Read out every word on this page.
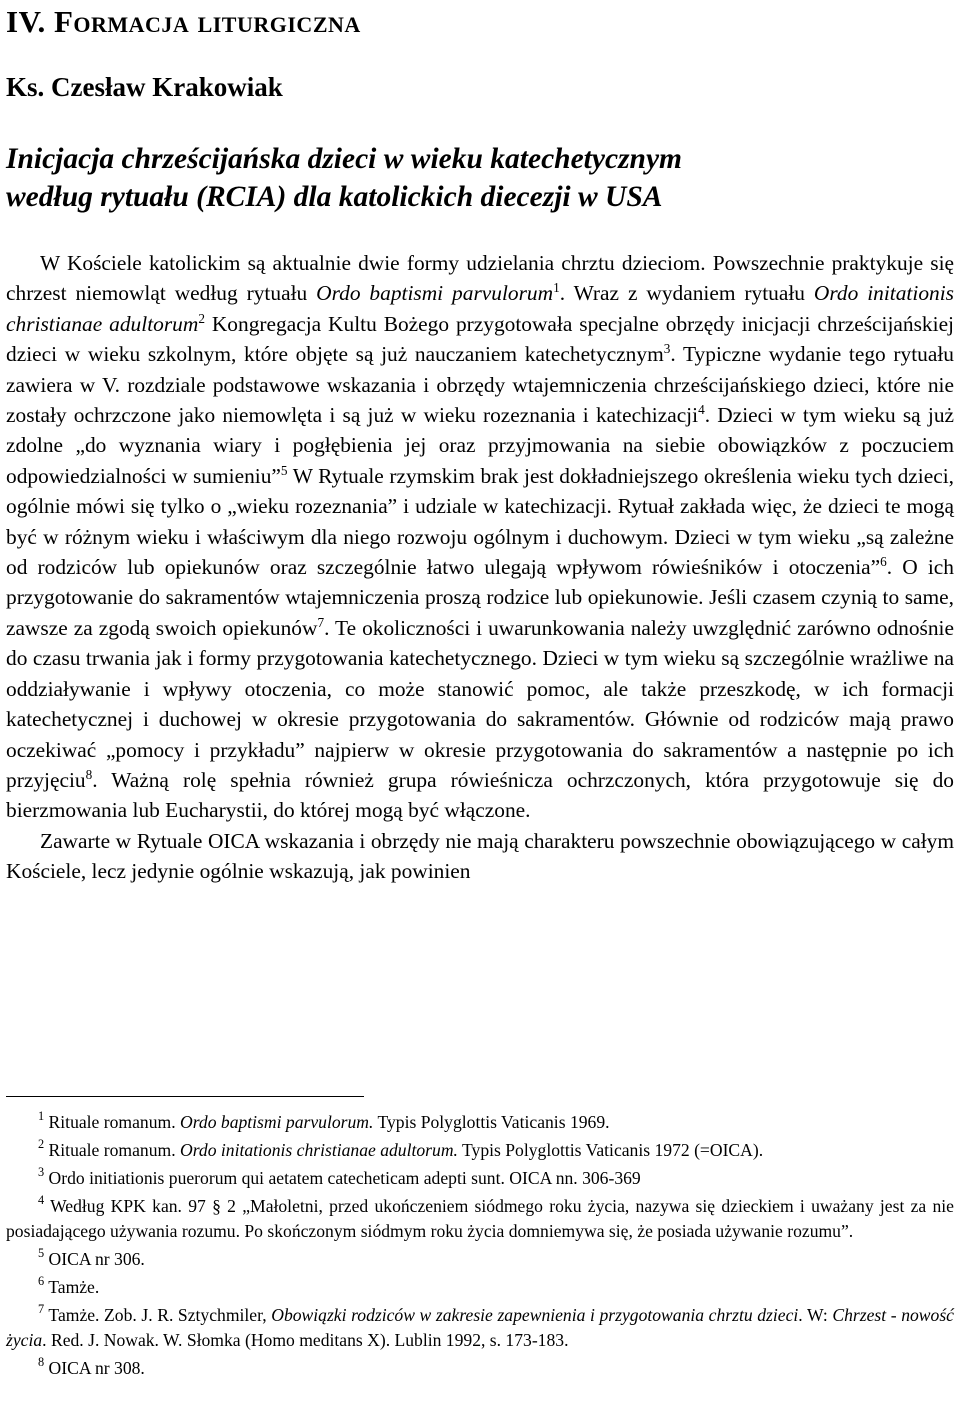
IV. Formacja liturgiczna
Ks. Czesław Krakowiak
Inicjacja chrześcijańska dzieci w wieku katechetycznym
według rytuału (RCIA) dla katolickich diecezji w USA

W Kościele katolickim są aktualnie dwie formy udzielania chrztu dzieciom. Powszechnie praktykuje się chrzest niemowląt według rytuału Ordo baptismi parvulorum$^1$. Wraz z wydaniem rytuału Ordo initationis christianae adultorum$^2$ Kongregacja Kultu Bożego przygotowała specjalne obrzędy inicjacji chrześcijańskiej dzieci w wieku szkolnym, które objęte są już nauczaniem katechetycznym$^3$. Typiczne wydanie tego rytuału zawiera w V. rozdziale podstawowe wskazania i obrzędy wtajemniczenia chrześcijańskiego dzieci, które nie zostały ochrzczone jako niemowlęta i są już w wieku rozeznania i katechizacji$^4$. Dzieci w tym wieku są już zdolne „do wyznania wiary i pogłębienia jej oraz przyjmowania na siebie obowiązków z poczuciem odpowiedzialności w sumieniu”$^5$ W Rytuale rzymskim brak jest dokładniejszego określenia wieku tych dzieci, ogólnie mówi się tylko o „wieku rozeznania” i udziale w katechizacji. Rytuał zakłada więc, że dzieci te mogą być w różnym wieku i właściwym dla niego rozwoju ogólnym i duchowym. Dzieci w tym wieku „są zależne od rodziców lub opiekunów oraz szczególnie łatwo ulegają wpływom rówieśników i otoczenia”$^6$. O ich przygotowanie do sakramentów wtajemniczenia proszą rodzice lub opiekunowie. Jeśli czasem czynią to same, zawsze za zgodą swoich opiekunów$^7$. Te okoliczności i uwarunkowania należy uwzględnić zarówno odnośnie do czasu trwania jak i formy przygotowania katechetycznego. Dzieci w tym wieku są szczególnie wrażliwe na oddziaływanie i wpływy otoczenia, co może stanowić pomoc, ale także przeszkodę, w ich formacji katechetycznej i duchowej w okresie przygotowania do sakramentów. Głównie od rodziców mają prawo oczekiwać „pomocy i przykładu” najpierw w okresie przygotowania do sakramentów a następnie po ich przyjęciu$^8$. Ważną rolę spełnia również grupa rówieśnicza ochrzczonych, która przygotowuje się do bierzmowania lub Eucharystii, do której mogą być włączone.

Zawarte w Rytuale OICA wskazania i obrzędy nie mają charakteru powszechnie obowiązującego w całym Kościele, lecz jedynie ogólnie wskazują, jak powinien

$^1$ Rituale romanum. Ordo baptismi parvulorum. Typis Polyglottis Vaticanis 1969.

$^2$ Rituale romanum. Ordo initationis christianae adultorum. Typis Polyglottis Vaticanis 1972 (=OICA).

$^3$ Ordo initiationis puerorum qui aetatem catecheticam adepti sunt. OICA nn. 306-369

$^4$ Według KPK kan. 97 § 2 „Małoletni, przed ukończeniem siódmego roku życia, nazywa się dzieckiem i uważany jest za nie posiadającego używania rozumu. Po skończonym siódmym roku życia domniemywa się, że posiada używanie rozumu”.

$^5$ OICA nr 306.

$^6$ Tamże.

$^7$ Tamże. Zob. J. R. Sztychmiler, Obowiązki rodziców w zakresie zapewnienia i przygotowania chrztu dzieci. W: Chrzest - nowość życia. Red. J. Nowak. W. Słomka (Homo meditans X). Lublin 1992, s. 173-183.

$^8$ OICA nr 308.
